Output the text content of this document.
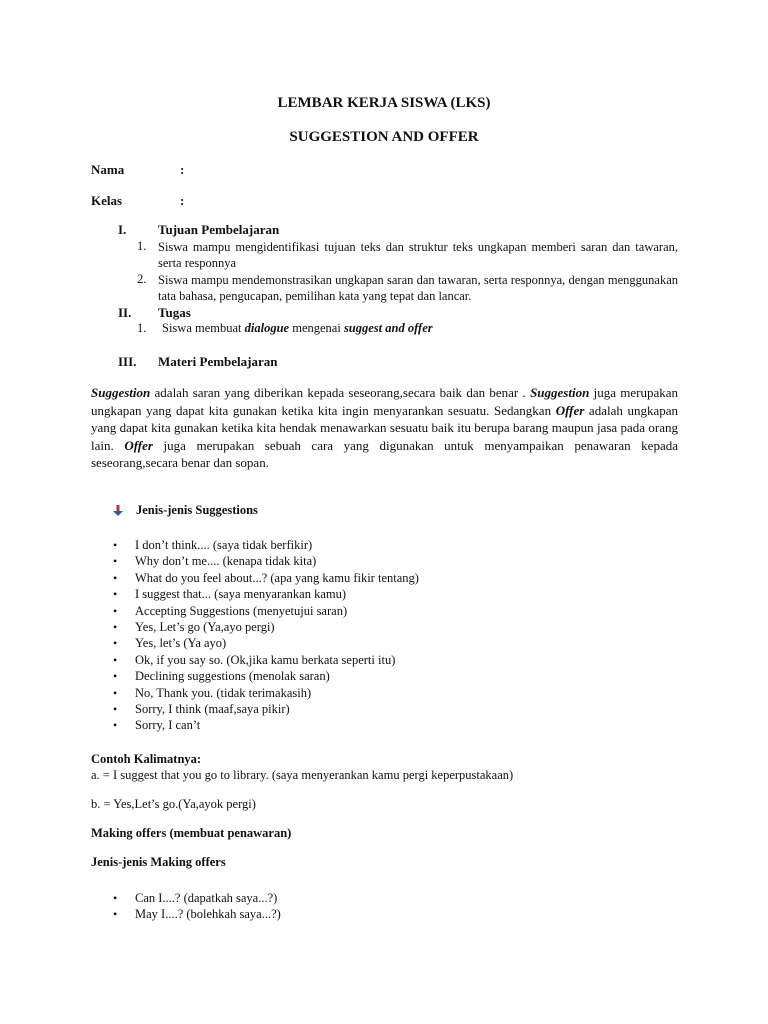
LEMBAR KERJA SISWA (LKS)
SUGGESTION AND OFFER
Nama	:
Kelas	:
I. Tujuan Pembelajaran
1. Siswa mampu mengidentifikasi tujuan teks dan struktur teks ungkapan memberi saran dan tawaran, serta responnya
2. Siswa mampu mendemonstrasikan ungkapan saran dan tawaran, serta responnya, dengan menggunakan tata bahasa, pengucapan, pemilihan kata yang tepat dan lancar.
II. Tugas
1. Siswa membuat dialogue mengenai suggest and offer
III. Materi Pembelajaran
Suggestion adalah saran yang diberikan kepada seseorang,secara baik dan benar . Suggestion juga merupakan ungkapan yang dapat kita gunakan ketika kita ingin menyarankan sesuatu. Sedangkan Offer adalah ungkapan yang dapat kita gunakan ketika kita hendak menawarkan sesuatu baik itu berupa barang maupun jasa pada orang lain. Offer juga merupakan sebuah cara yang digunakan untuk menyampaikan penawaran kepada seseorang,secara benar dan sopan.
Jenis-jenis Suggestions
• I don’t think.... (saya tidak berfikir)
• Why don’t me.... (kenapa tidak kita)
• What do you feel about...? (apa yang kamu fikir tentang)
• I suggest that... (saya menyarankan kamu)
• Accepting Suggestions (menyetujui saran)
• Yes, Let’s go (Ya,ayo pergi)
• Yes, let’s (Ya ayo)
• Ok, if you say so. (Ok,jika kamu berkata seperti itu)
• Declining suggestions (menolak saran)
• No, Thank you. (tidak terimakasih)
• Sorry, I think (maaf,saya pikir)
• Sorry, I can’t
Contoh Kalimatnya:
a. = I suggest that you go to library. (saya menyerankan kamu pergi keperpustakaan)
b. = Yes,Let’s go.(Ya,ayok pergi)
Making offers (membuat penawaran)
Jenis-jenis Making offers
• Can I....? (dapatkah saya...?)
• May I....? (bolehkah saya...?)
